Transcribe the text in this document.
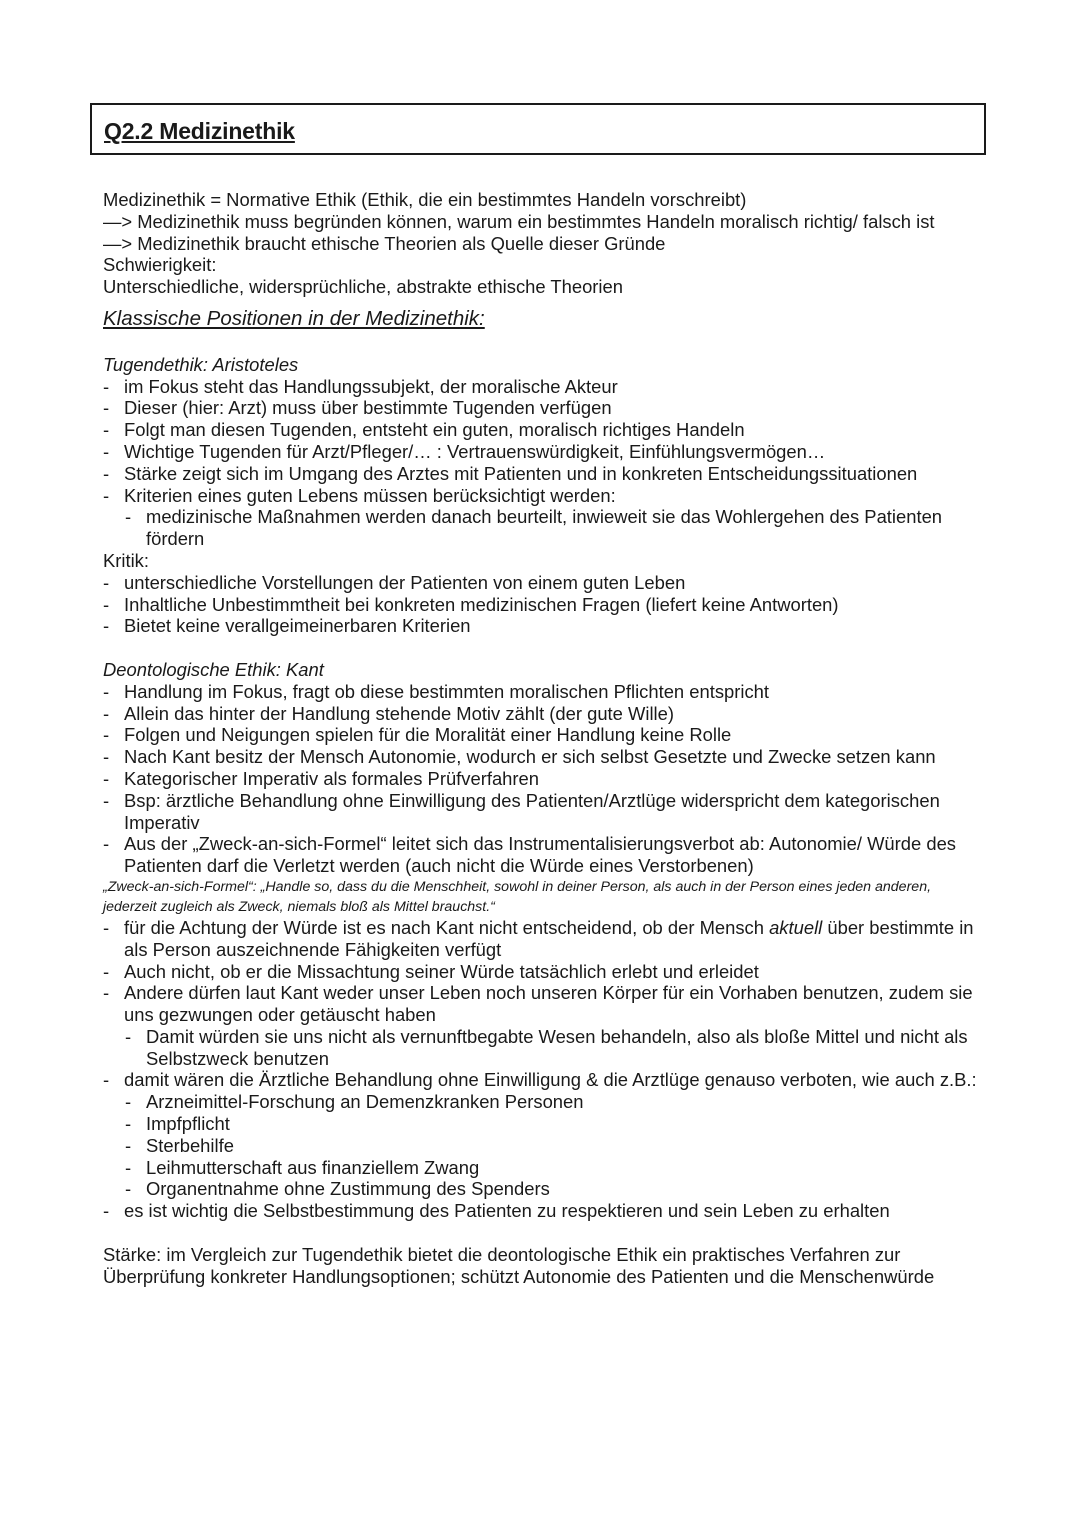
Q2.2 Medizinethik

Medizinethik = Normative Ethik (Ethik, die ein bestimmtes Handeln vorschreibt)

—> Medizinethik muss begründen können, warum ein bestimmtes Handeln moralisch richtig/ falsch ist

—> Medizinethik braucht ethische Theorien als Quelle dieser Gründe

Schwierigkeit:

Unterschiedliche, widersprüchliche, abstrakte ethische Theorien

Klassische Positionen in der Medizinethik:

Tugendethik: Aristoteles

- im Fokus steht das Handlungssubjekt, der moralische Akteur
- Dieser (hier: Arzt) muss über bestimmte Tugenden verfügen
- Folgt man diesen Tugenden, entsteht ein guten, moralisch richtiges Handeln
- Wichtige Tugenden für Arzt/Pfleger/… : Vertrauenswürdigkeit, Einfühlungsvermögen…
- Stärke zeigt sich im Umgang des Arztes mit Patienten und in konkreten Entscheidungssituationen
- Kriterien eines guten Lebens müssen berücksichtigt werden:
- medizinische Maßnahmen werden danach beurteilt, inwieweit sie das Wohlergehen des Patienten fördern

Kritik:

- unterschiedliche Vorstellungen der Patienten von einem guten Leben
- Inhaltliche Unbestimmtheit bei konkreten medizinischen Fragen (liefert keine Antworten)
- Bietet keine verallgeimeinerbaren Kriterien

Deontologische Ethik: Kant

- Handlung im Fokus, fragt ob diese bestimmten moralischen Pflichten entspricht
- Allein das hinter der Handlung stehende Motiv zählt (der gute Wille)
- Folgen und Neigungen spielen für die Moralität einer Handlung keine Rolle
- Nach Kant besitz der Mensch Autonomie, wodurch er sich selbst Gesetzte und Zwecke setzen kann
- Kategorischer Imperativ als formales Prüfverfahren
- Bsp: ärztliche Behandlung ohne Einwilligung des Patienten/Arztlüge widerspricht dem kategorischen Imperativ
- Aus der „Zweck-an-sich-Formel“ leitet sich das Instrumentalisierungsverbot ab: Autonomie/ Würde des Patienten darf die Verletzt werden (auch nicht die Würde eines Verstorbenen)

„Zweck-an-sich-Formel“: „Handle so, dass du die Menschheit, sowohl in deiner Person, als auch in der Person eines jeden anderen, jederzeit zugleich als Zweck, niemals bloß als Mittel brauchst.“

- für die Achtung der Würde ist es nach Kant nicht entscheidend, ob der Mensch aktuell über bestimmte in als Person auszeichnende Fähigkeiten verfügt
- Auch nicht, ob er die Missachtung seiner Würde tatsächlich erlebt und erleidet
- Andere dürfen laut Kant weder unser Leben noch unseren Körper für ein Vorhaben benutzen, zudem sie uns gezwungen oder getäuscht haben
- Damit würden sie uns nicht als vernunftbegabte Wesen behandeln, also als bloße Mittel und nicht als Selbstzweck benutzen
- damit wären die Ärztliche Behandlung ohne Einwilligung & die Arztlüge genauso verboten, wie auch z.B.:
- Arzneimittel-Forschung an Demenzkranken Personen
- Impfpflicht
- Sterbehilfe
- Leihmutterschaft aus finanziellem Zwang
- Organentnahme ohne Zustimmung des Spenders
- es ist wichtig die Selbstbestimmung des Patienten zu respektieren und sein Leben zu erhalten

Stärke: im Vergleich zur Tugendethik bietet die deontologische Ethik ein praktisches Verfahren zur Überprüfung konkreter Handlungsoptionen; schützt Autonomie des Patienten und die Menschenwürde
